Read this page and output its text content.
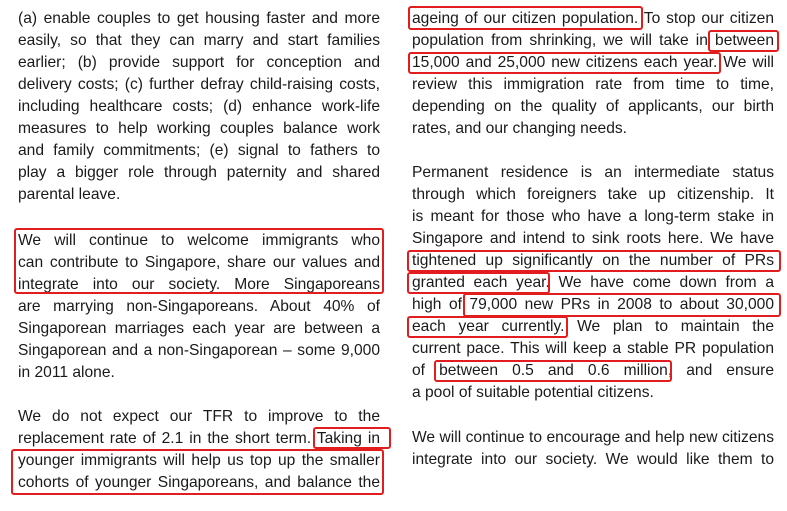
(a) enable couples to get housing faster and more
easily, so that they can marry and start families
earlier; (b) provide support for conception and
delivery costs; (c) further defray child-raising costs,
including healthcare costs; (d) enhance work-life
measures to help working couples balance work
and family commitments; (e) signal to fathers to
play a bigger role through paternity and shared
parental leave.
We will continue to welcome immigrants who
can contribute to Singapore, share our values and
integrate into our society. More Singaporeans
are marrying non-Singaporeans. About 40% of
Singaporean marriages each year are between a
Singaporean and a non-Singaporean – some 9,000
in 2011 alone.
We do not expect our TFR to improve to the
replacement rate of 2.1 in the short term. Taking in
younger immigrants will help us top up the smaller
cohorts of younger Singaporeans, and balance the
ageing of our citizen population. To stop our citizen
population from shrinking, we will take in between
15,000 and 25,000 new citizens each year. We will
review this immigration rate from time to time,
depending on the quality of applicants, our birth
rates, and our changing needs.
Permanent residence is an intermediate status
through which foreigners take up citizenship. It
is meant for those who have a long-term stake in
Singapore and intend to sink roots here. We have
tightened up significantly on the number of PRs
granted each year. We have come down from a
high of 79,000 new PRs in 2008 to about 30,000
each year currently. We plan to maintain the
current pace. This will keep a stable PR population
of between 0.5 and 0.6 million, and ensure
a pool of suitable potential citizens.
We will continue to encourage and help new citizens
integrate into our society. We would like them to
